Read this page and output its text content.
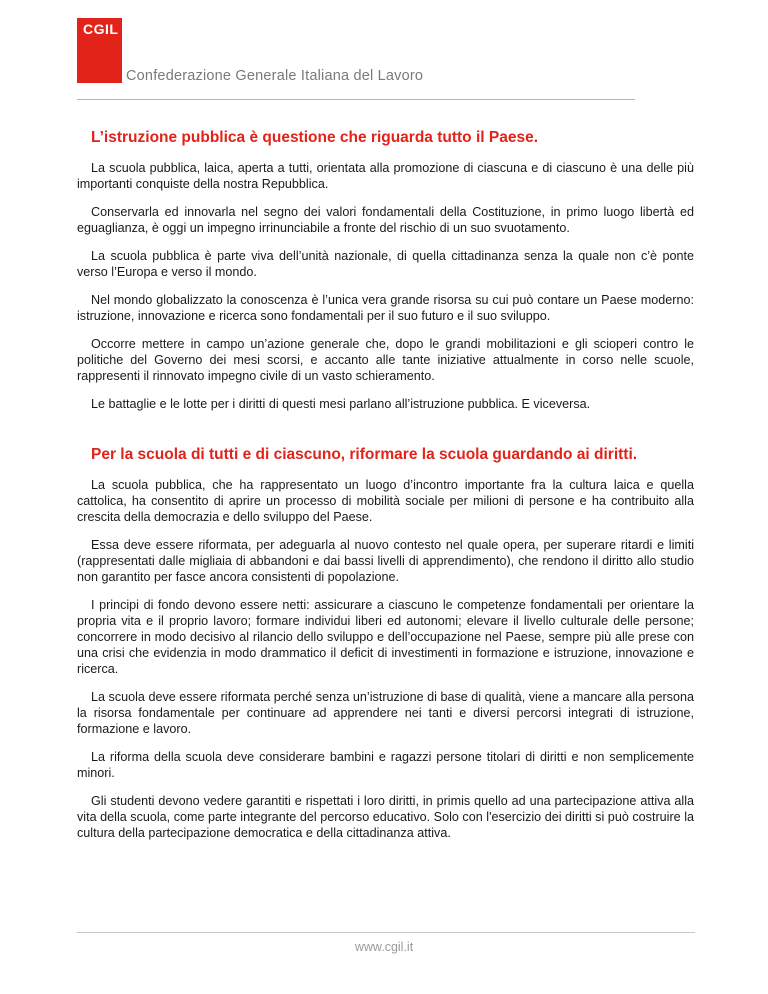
CGIL
Confederazione Generale Italiana del Lavoro
L’istruzione pubblica è questione che riguarda tutto il Paese.

La scuola pubblica, laica, aperta a tutti, orientata alla promozione di ciascuna e di ciascuno è una delle più importanti conquiste della nostra Repubblica.

Conservarla ed innovarla nel segno dei valori fondamentali della Costituzione, in primo luogo libertà ed eguaglianza, è oggi un impegno irrinunciabile a fronte del rischio di un suo svuotamento.

La scuola pubblica è parte viva dell’unità nazionale, di quella cittadinanza senza la quale non c’è ponte verso l’Europa e verso il mondo.

Nel mondo globalizzato la conoscenza è l’unica vera grande risorsa su cui può contare un Paese moderno: istruzione, innovazione e ricerca sono fondamentali per il suo futuro e il suo sviluppo.

Occorre mettere in campo un’azione generale che, dopo le grandi mobilitazioni e gli scioperi contro le politiche del Governo dei mesi scorsi, e accanto alle tante iniziative attualmente in corso nelle scuole, rappresenti il rinnovato impegno civile di un vasto schieramento.

Le battaglie e le lotte per i diritti di questi mesi parlano all’istruzione pubblica. E viceversa.

Per la scuola di tutti e di ciascuno, riformare la scuola guardando ai diritti.

La scuola pubblica, che ha rappresentato un luogo d’incontro importante fra la cultura laica e quella cattolica, ha consentito di aprire un processo di mobilità sociale per milioni di persone e ha contribuito alla crescita della democrazia e dello sviluppo del Paese.

Essa deve essere riformata, per adeguarla al nuovo contesto nel quale opera, per superare ritardi e limiti (rappresentati dalle migliaia di abbandoni e dai bassi livelli di apprendimento), che rendono il diritto allo studio non garantito per fasce ancora consistenti di popolazione.

I principi di fondo devono essere netti: assicurare a ciascuno le competenze fondamentali per orientare la propria vita e il proprio lavoro; formare individui liberi ed autonomi; elevare il livello culturale delle persone; concorrere in modo decisivo al rilancio dello sviluppo e dell’occupazione nel Paese, sempre più alle prese con una crisi che evidenzia in modo drammatico il deficit di investimenti in formazione e istruzione, innovazione e ricerca.

La scuola deve essere riformata perché senza un’istruzione di base di qualità, viene a mancare alla persona la risorsa fondamentale per continuare ad apprendere nei tanti e diversi percorsi integrati di istruzione, formazione e lavoro.

La riforma della scuola deve considerare bambini e ragazzi persone titolari di diritti e non semplicemente minori.

Gli studenti devono vedere garantiti e rispettati i loro diritti, in primis quello ad una partecipazione attiva alla vita della scuola, come parte integrante del percorso educativo. Solo con l'esercizio dei diritti si può costruire la cultura della partecipazione democratica e della cittadinanza attiva.

www.cgil.it
